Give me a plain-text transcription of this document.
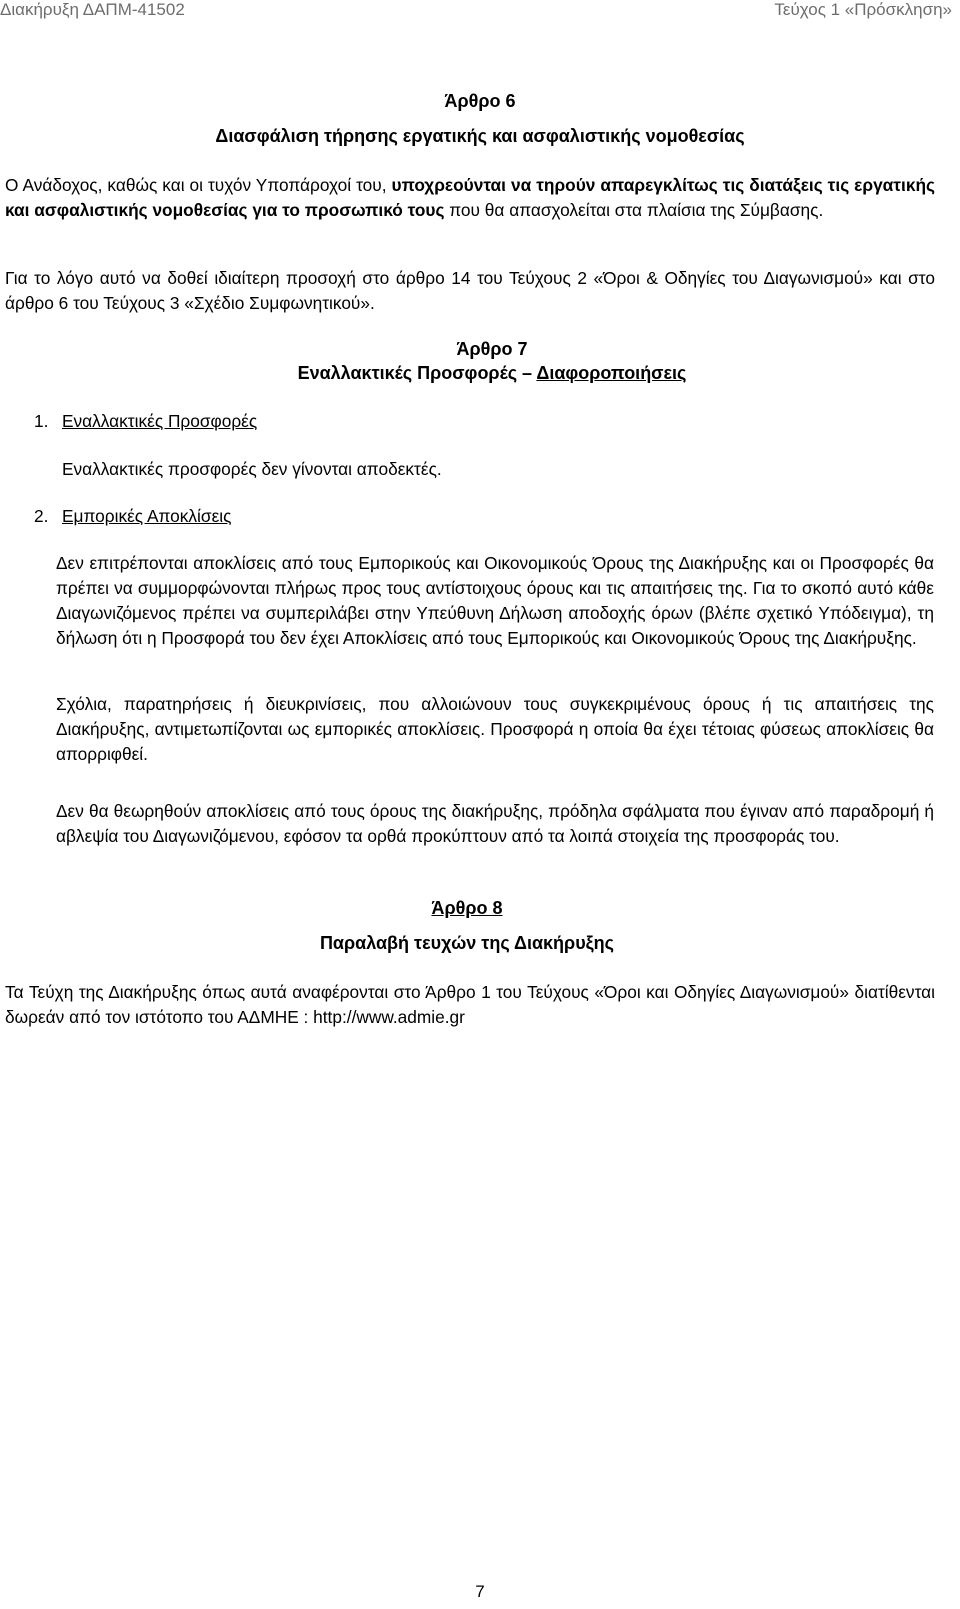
Διακήρυξη ΔΑΠΜ-41502	Τεύχος 1 «Πρόσκληση»
Άρθρο 6
Διασφάλιση τήρησης εργατικής και ασφαλιστικής νομοθεσίας
Ο Ανάδοχος, καθώς και οι τυχόν Υποπάροχοί του, υποχρεούνται να τηρούν απαρεγκλίτως τις διατάξεις τις εργατικής και ασφαλιστικής νομοθεσίας για το προσωπικό τους που θα απασχολείται στα πλαίσια της Σύμβασης.
Για το λόγο αυτό να δοθεί ιδιαίτερη προσοχή στο άρθρο 14 του Τεύχους 2 «Όροι & Οδηγίες του Διαγωνισμού» και στο άρθρο 6 του Τεύχους 3 «Σχέδιο Συμφωνητικού».
Άρθρο 7
Εναλλακτικές Προσφορές – Διαφοροποιήσεις
1. Εναλλακτικές Προσφορές
Εναλλακτικές προσφορές δεν γίνονται αποδεκτές.
2. Εμπορικές Αποκλίσεις
Δεν επιτρέπονται αποκλίσεις από τους Εμπορικούς και Οικονομικούς Όρους της Διακήρυξης και οι Προσφορές θα πρέπει να συμμορφώνονται πλήρως προς τους αντίστοιχους όρους και τις απαιτήσεις της. Για το σκοπό αυτό κάθε Διαγωνιζόμενος πρέπει να συμπεριλάβει στην Υπεύθυνη Δήλωση αποδοχής όρων (βλέπε σχετικό Υπόδειγμα), τη δήλωση ότι η Προσφορά του δεν έχει Αποκλίσεις από τους Εμπορικούς και Οικονομικούς Όρους της Διακήρυξης.
Σχόλια, παρατηρήσεις ή διευκρινίσεις, που αλλοιώνουν τους συγκεκριμένους όρους ή τις απαιτήσεις της Διακήρυξης, αντιμετωπίζονται ως εμπορικές αποκλίσεις. Προσφορά η οποία θα έχει τέτοιας φύσεως αποκλίσεις θα απορριφθεί.
Δεν θα θεωρηθούν αποκλίσεις από τους όρους της διακήρυξης, πρόδηλα σφάλματα που έγιναν από παραδρομή ή αβλεψία του Διαγωνιζόμενου, εφόσον τα ορθά προκύπτουν από τα λοιπά στοιχεία της προσφοράς του.
Άρθρο 8
Παραλαβή τευχών της Διακήρυξης
Τα Τεύχη της Διακήρυξης όπως αυτά αναφέρονται στο Άρθρο 1 του Τεύχους «Όροι και Οδηγίες Διαγωνισμού» διατίθενται δωρεάν από τον ιστότοπο του ΑΔΜΗΕ : http://www.admie.gr
7
